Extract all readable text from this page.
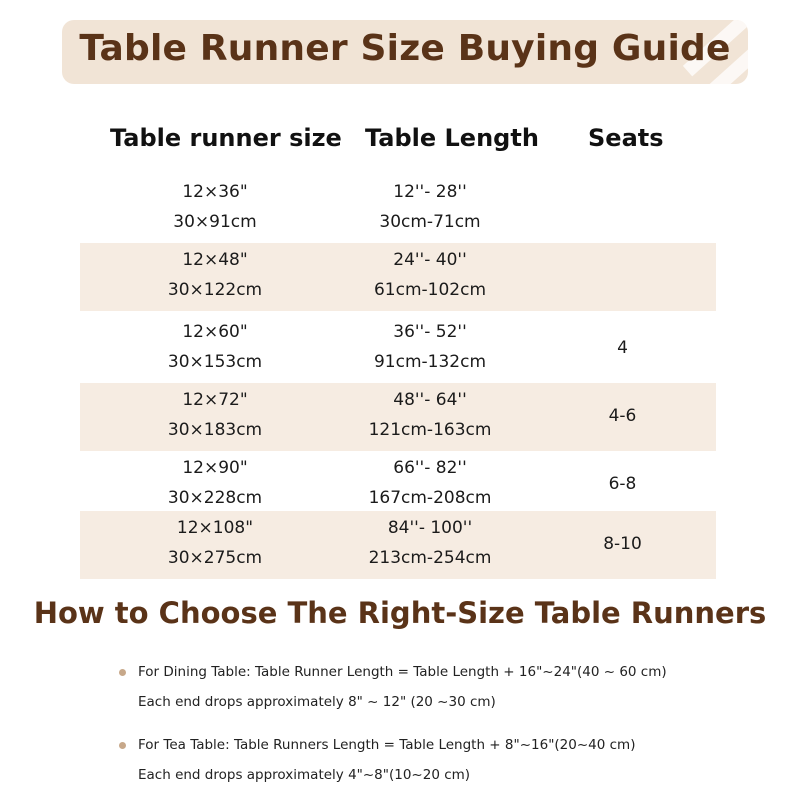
Table Runner Size Buying Guide
Table runner size Table Length Seats
12×36"
30×91cm
12''- 28''
30cm-71cm
12×48"
30×122cm
24''- 40''
61cm-102cm
12×60"
30×153cm
36''- 52''
91cm-132cm
4
12×72"
30×183cm
48''- 64''
121cm-163cm
4-6
12×90"
30×228cm
66''- 82''
167cm-208cm
6-8
12×108"
30×275cm
84''- 100''
213cm-254cm
8-10
How to Choose The Right-Size Table Runners
For Dining Table: Table Runner Length = Table Length + 16"~24"(40 ~ 60 cm)
Each end drops approximately 8" ~ 12" (20 ~30 cm)
For Tea Table: Table Runners Length = Table Length + 8"~16"(20~40 cm)
Each end drops approximately 4"~8"(10~20 cm)
